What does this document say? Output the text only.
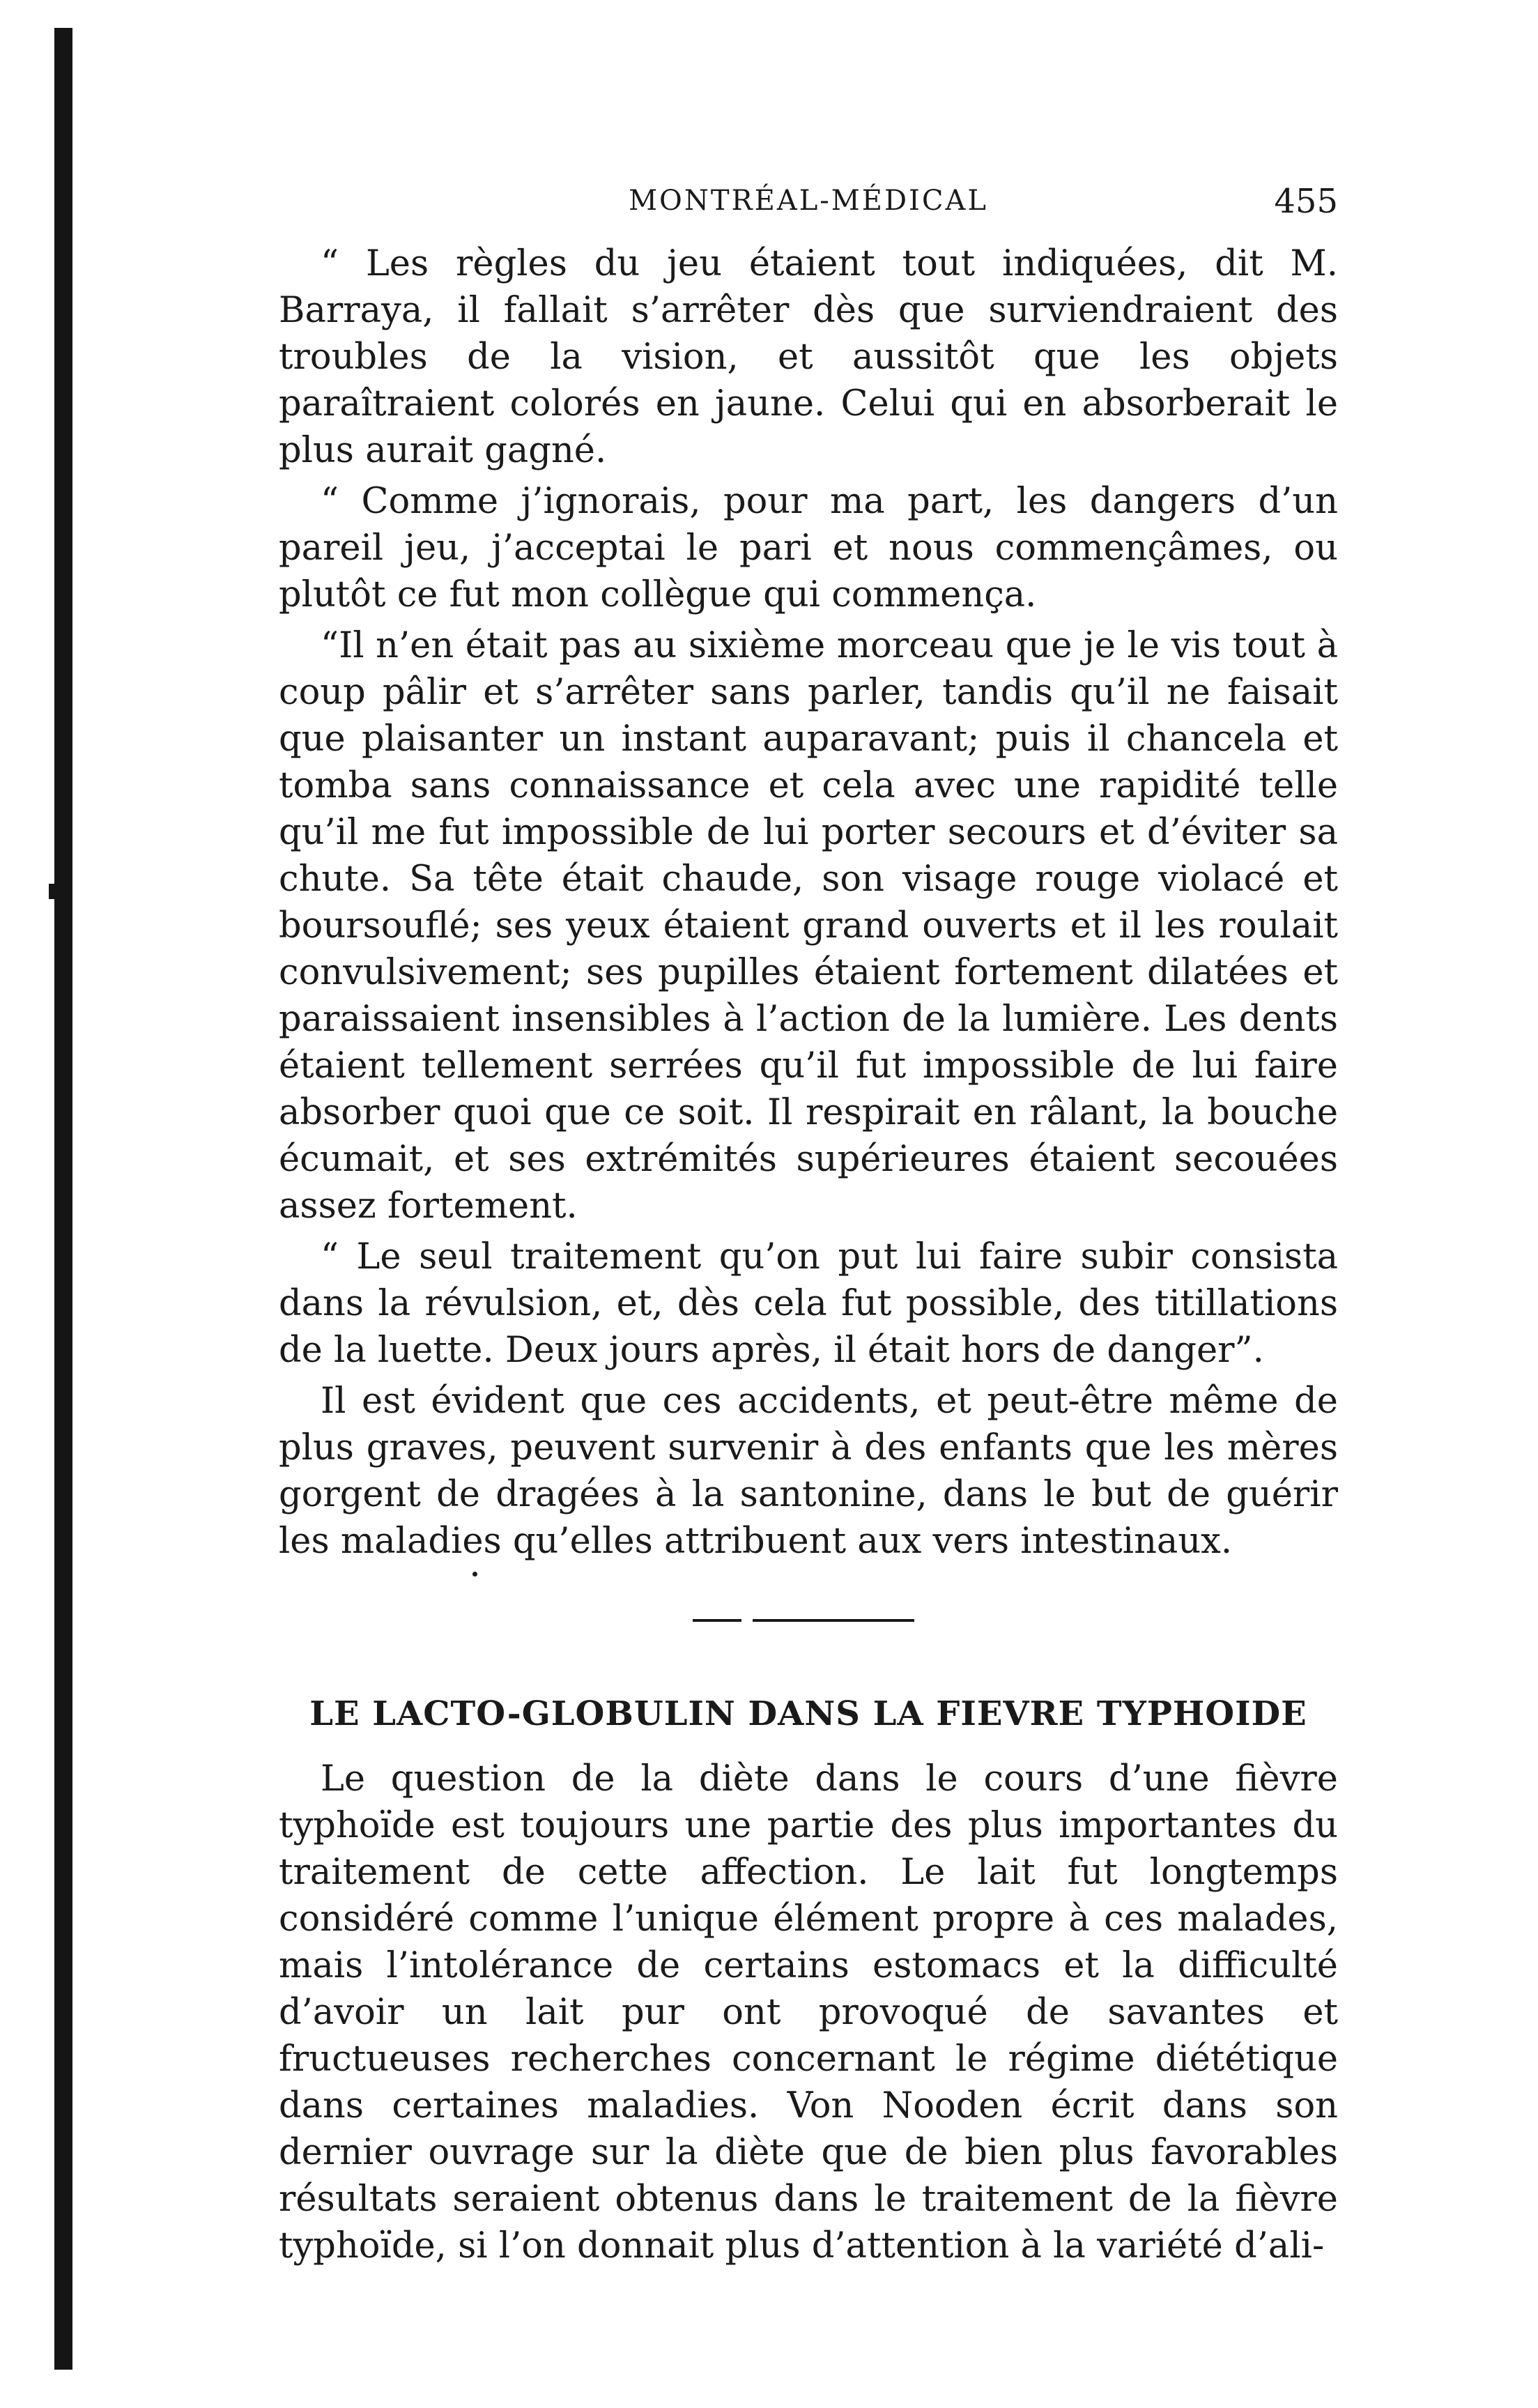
MONTRÉAL-MÉDICAL	455

“ Les règles du jeu étaient tout indiquées, dit M. Barraya, il fallait s’arrêter dès que surviendraient des troubles de la vision, et aussitôt que les objets paraîtraient colorés en jaune. Celui qui en absorberait le plus aurait gagné.

“ Comme j’ignorais, pour ma part, les dangers d’un pareil jeu, j’acceptai le pari et nous commençâmes, ou plutôt ce fut mon collègue qui commença.

“Il n’en était pas au sixième morceau que je le vis tout à coup pâlir et s’arrêter sans parler, tandis qu’il ne faisait que plaisanter un instant auparavant; puis il chancela et tomba sans connaissance et cela avec une rapidité telle qu’il me fut impossible de lui porter secours et d’éviter sa chute. Sa tête était chaude, son visage rouge violacé et boursouflé; ses yeux étaient grand ouverts et il les roulait convulsivement; ses pupilles étaient fortement dilatées et paraissaient insensibles à l’action de la lumière. Les dents étaient tellement serrées qu’il fut impossible de lui faire absorber quoi que ce soit. Il respirait en râlant, la bouche écumait, et ses extrémités supérieures étaient secouées assez fortement.

“ Le seul traitement qu’on put lui faire subir consista dans la révulsion, et, dès cela fut possible, des titillations de la luette. Deux jours après, il était hors de danger”.

Il est évident que ces accidents, et peut-être même de plus graves, peuvent survenir à des enfants que les mères gorgent de dragées à la santonine, dans le but de guérir les maladies qu’elles attribuent aux vers intestinaux.

LE LACTO-GLOBULIN DANS LA FIEVRE TYPHOIDE

Le question de la diète dans le cours d’une fièvre typhoïde est toujours une partie des plus importantes du traitement de cette affection. Le lait fut longtemps considéré comme l’unique élément propre à ces malades, mais l’intolérance de certains estomacs et la difficulté d’avoir un lait pur ont provoqué de savantes et fructueuses recherches concernant le régime diététique dans certaines maladies. Von Nooden écrit dans son dernier ouvrage sur la diète que de bien plus favorables résultats seraient obtenus dans le traitement de la fièvre typhoïde, si l’on donnait plus d’attention à la variété d’ali-
